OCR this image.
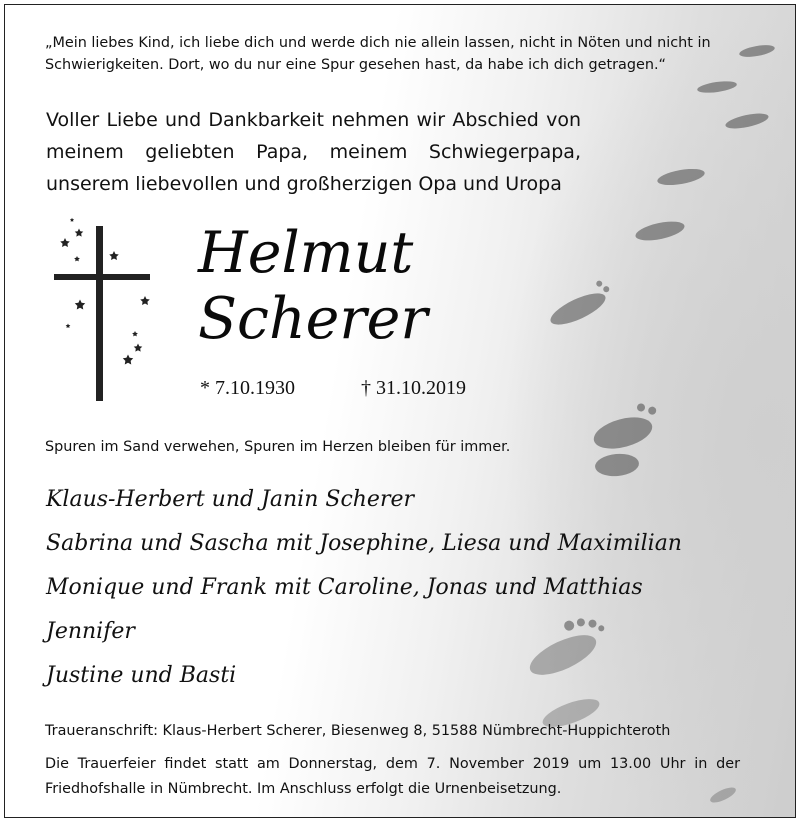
„Mein liebes Kind, ich liebe dich und werde dich nie allein lassen, nicht in Nöten und nicht in Schwierigkeiten. Dort, wo du nur eine Spur gesehen hast, da habe ich dich getragen.“
Voller Liebe und Dankbarkeit nehmen wir Abschied von meinem geliebten Papa, meinem Schwiegerpapa, unserem liebevollen und großherzigen Opa und Uropa
Helmut
Scherer
* 7.10.1930	† 31.10.2019
Spuren im Sand verwehen, Spuren im Herzen bleiben für immer.
Klaus-Herbert und Janin Scherer
Sabrina und Sascha mit Josephine, Liesa und Maximilian
Monique und Frank mit Caroline, Jonas und Matthias
Jennifer
Justine und Basti
Traueranschrift: Klaus-Herbert Scherer, Biesenweg 8, 51588 Nümbrecht-Huppichteroth
Die Trauerfeier findet statt am Donnerstag, dem 7. November 2019 um 13.00 Uhr in der Friedhofshalle in Nümbrecht. Im Anschluss erfolgt die Urnenbeisetzung.
